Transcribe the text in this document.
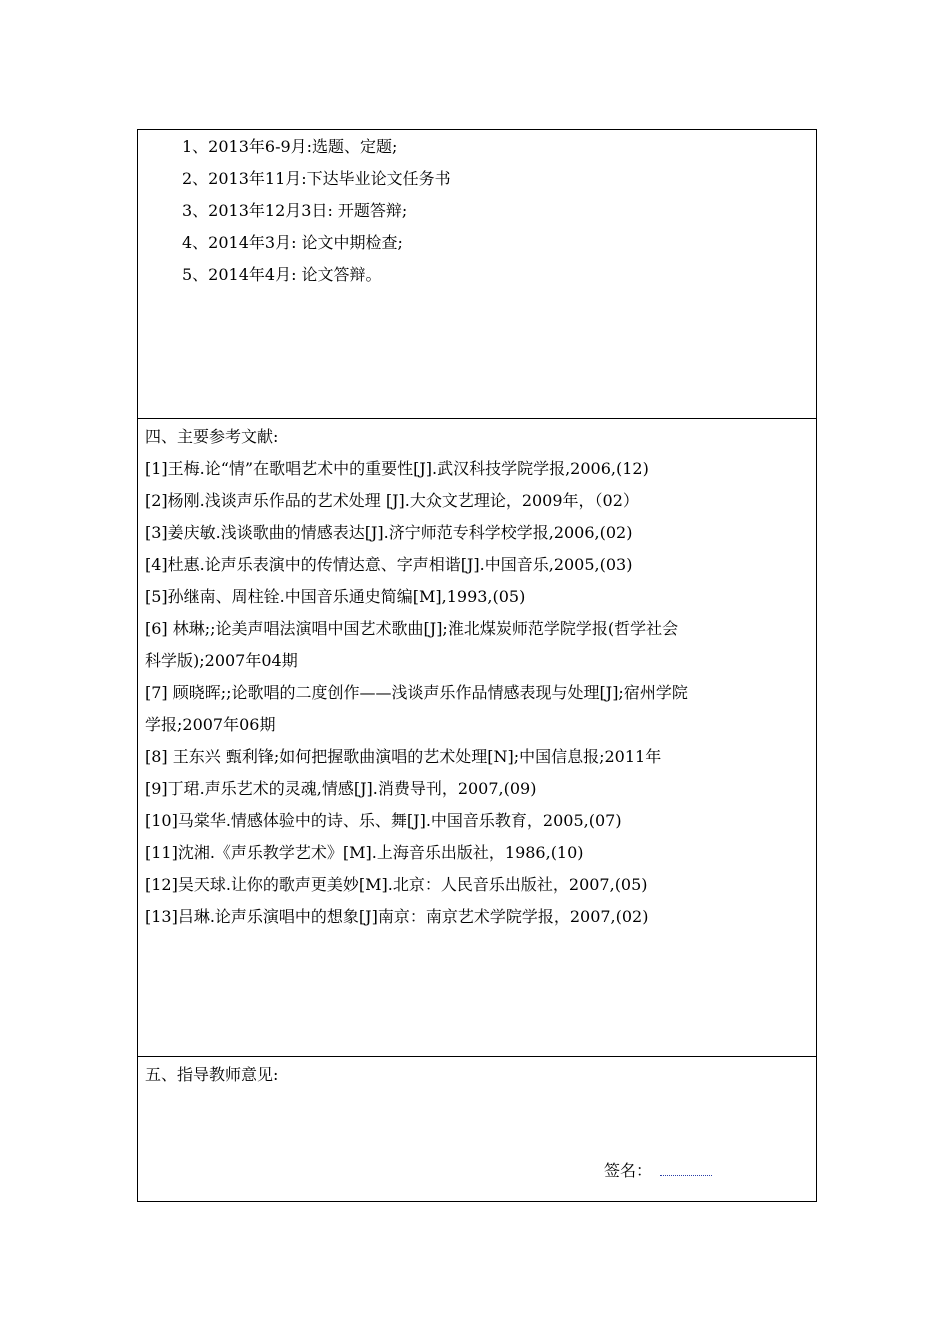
1、2013年6-9月:选题、定题;
2、2013年11月:下达毕业论文任务书
3、2013年12月3日: 开题答辩;
4、2014年3月: 论文中期检查;
5、2014年4月: 论文答辩。
四、主要参考文献:
[1]王梅.论“情”在歌唱艺术中的重要性[J].武汉科技学院学报,2006,(12)
[2]杨刚.浅谈声乐作品的艺术处理 [J].大众文艺理论，2009年，（02）
[3]姜庆敏.浅谈歌曲的情感表达[J].济宁师范专科学校学报,2006,(02)
[4]杜惠.论声乐表演中的传情达意、字声相谐[J].中国音乐,2005,(03)
[5]孙继南、周柱铨.中国音乐通史简编[M],1993,(05)
[6] 林琳;;论美声唱法演唱中国艺术歌曲[J];淮北煤炭师范学院学报(哲学社会
科学版);2007年04期
[7] 顾晓晖;;论歌唱的二度创作——浅谈声乐作品情感表现与处理[J];宿州学院
学报;2007年06期
[8] 王东兴 甄利锋;如何把握歌曲演唱的艺术处理[N];中国信息报;2011年
[9]丁珺.声乐艺术的灵魂,情感[J].消费导刊，2007,(09)
[10]马棠华.情感体验中的诗、乐、舞[J].中国音乐教育，2005,(07)
[11]沈湘.《声乐教学艺术》[M].上海音乐出版社，1986,(10)
[12]吴天球.让你的歌声更美妙[M].北京：人民音乐出版社，2007,(05)
[13]吕琳.论声乐演唱中的想象[J]南京：南京艺术学院学报，2007,(02)
五、指导教师意见:
签名：
